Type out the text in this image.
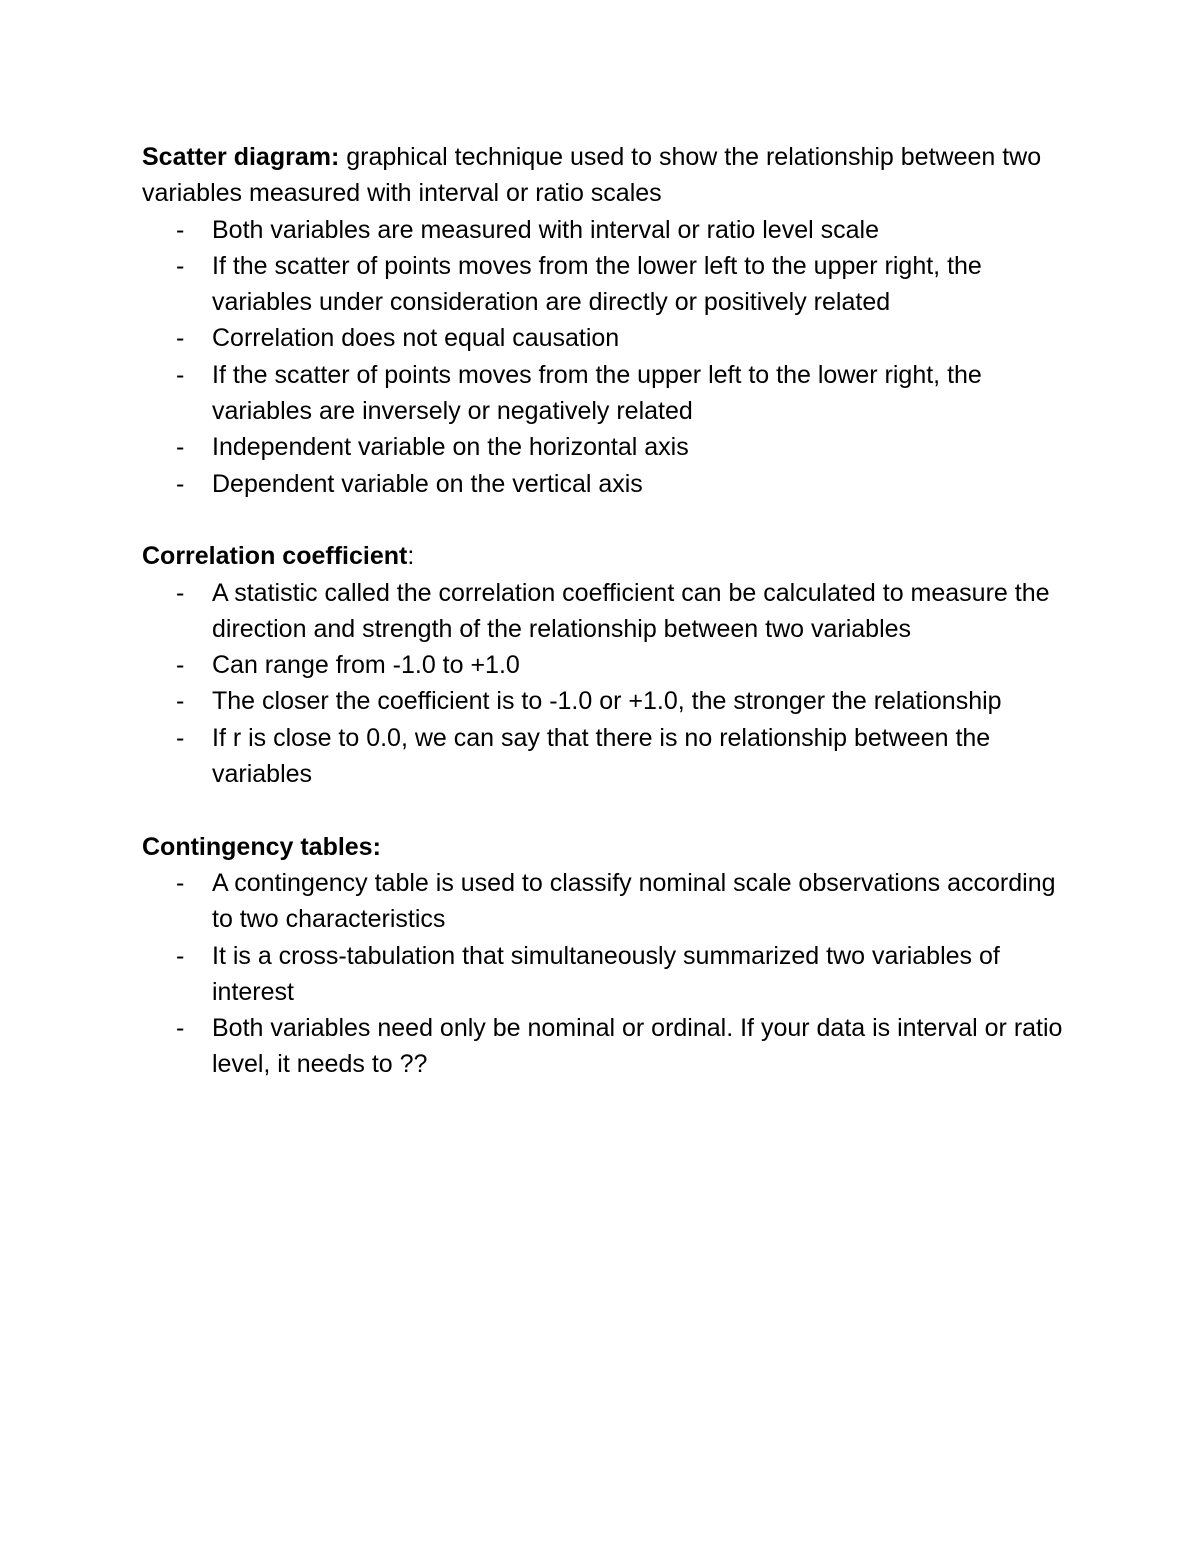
Scatter diagram: graphical technique used to show the relationship between two variables measured with interval or ratio scales

- Both variables are measured with interval or ratio level scale
- If the scatter of points moves from the lower left to the upper right, the variables under consideration are directly or positively related
- Correlation does not equal causation
- If the scatter of points moves from the upper left to the lower right, the variables are inversely or negatively related
- Independent variable on the horizontal axis
- Dependent variable on the vertical axis

Correlation coefficient:

- A statistic called the correlation coefficient can be calculated to measure the direction and strength of the relationship between two variables
- Can range from -1.0 to +1.0
- The closer the coefficient is to -1.0 or +1.0, the stronger the relationship
- If r is close to 0.0, we can say that there is no relationship between the variables

Contingency tables:

- A contingency table is used to classify nominal scale observations according to two characteristics
- It is a cross-tabulation that simultaneously summarized two variables of interest
- Both variables need only be nominal or ordinal. If your data is interval or ratio level, it needs to ??
